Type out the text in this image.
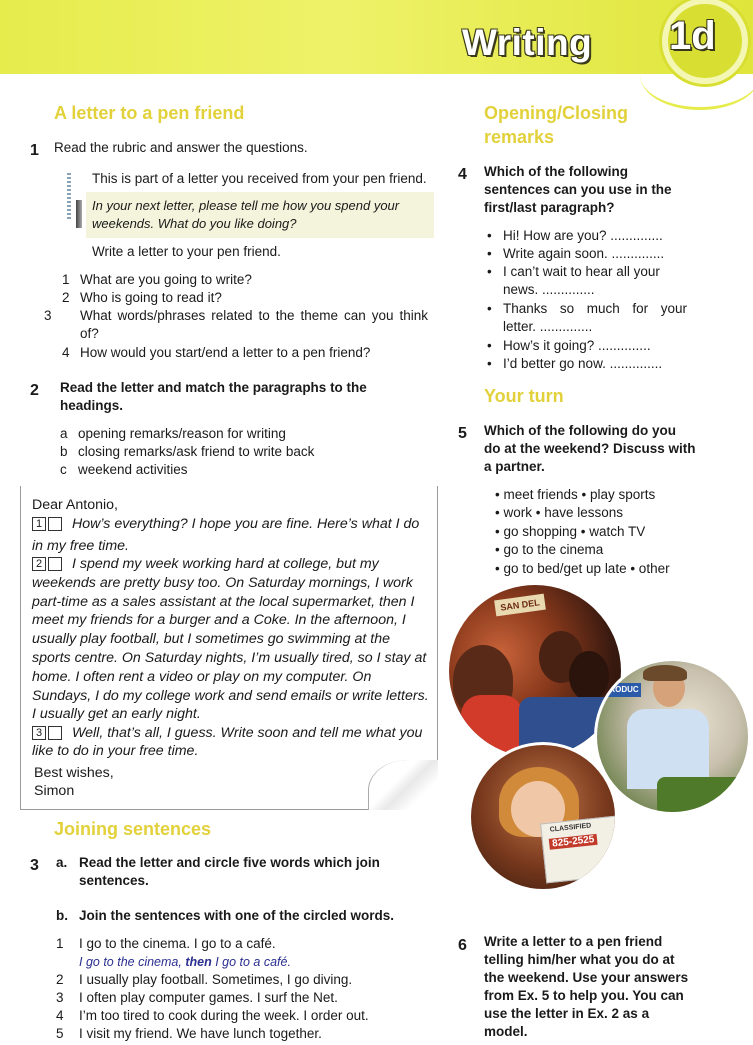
Writing 1d
A letter to a pen friend
1 Read the rubric and answer the questions.
This is part of a letter you received from your pen friend.
In your next letter, please tell me how you spend your
weekends. What do you like doing?
Write a letter to your pen friend.
1 What are you going to write?
2 Who is going to read it?
3 What words/phrases related to the theme can you think of?
4 How would you start/end a letter to a pen friend?
2 Read the letter and match the paragraphs to the headings.
a opening remarks/reason for writing
b closing remarks/ask friend to write back
c weekend activities
Dear Antonio,
1 How’s everything? I hope you are fine. Here’s what I do
in my free time.
2 I spend my week working hard at college, but my
weekends are pretty busy too. On Saturday mornings, I work
part-time as a sales assistant at the local supermarket, then I
meet my friends for a burger and a Coke. In the afternoon, I
usually play football, but I sometimes go swimming at the
sports centre. On Saturday nights, I’m usually tired, so I stay at
home. I often rent a video or play on my computer. On
Sundays, I do my college work and send emails or write letters.
I usually get an early night.
3 Well, that’s all, I guess. Write soon and tell me what you
like to do in your free time.
Best wishes,
Simon
Joining sentences
3 a. Read the letter and circle five words which join sentences.
b. Join the sentences with one of the circled words.
1 I go to the cinema. I go to a café.
I go to the cinema, then I go to a café.
2 I usually play football. Sometimes, I go diving.
3 I often play computer games. I surf the Net.
4 I’m too tired to cook during the week. I order out.
5 I visit my friend. We have lunch together.
Opening/Closing
remarks
4 Which of the following sentences can you use in the first/last paragraph?
• Hi! How are you? ..............
• Write again soon. ..............
• I can’t wait to hear all your news. ..............
• Thanks so much for your letter. ..............
• How’s it going? ..............
• I’d better go now. ..............
Your turn
5 Which of the following do you do at the weekend? Discuss with a partner.
• meet friends • play sports
• work • have lessons
• go shopping • watch TV
• go to the cinema
• go to bed/get up late • other
SAN DEL
PRODUC
CLASSIFIED
825-2525
6 Write a letter to a pen friend telling him/her what you do at the weekend. Use your answers from Ex. 5 to help you. You can use the letter in Ex. 2 as a model.
